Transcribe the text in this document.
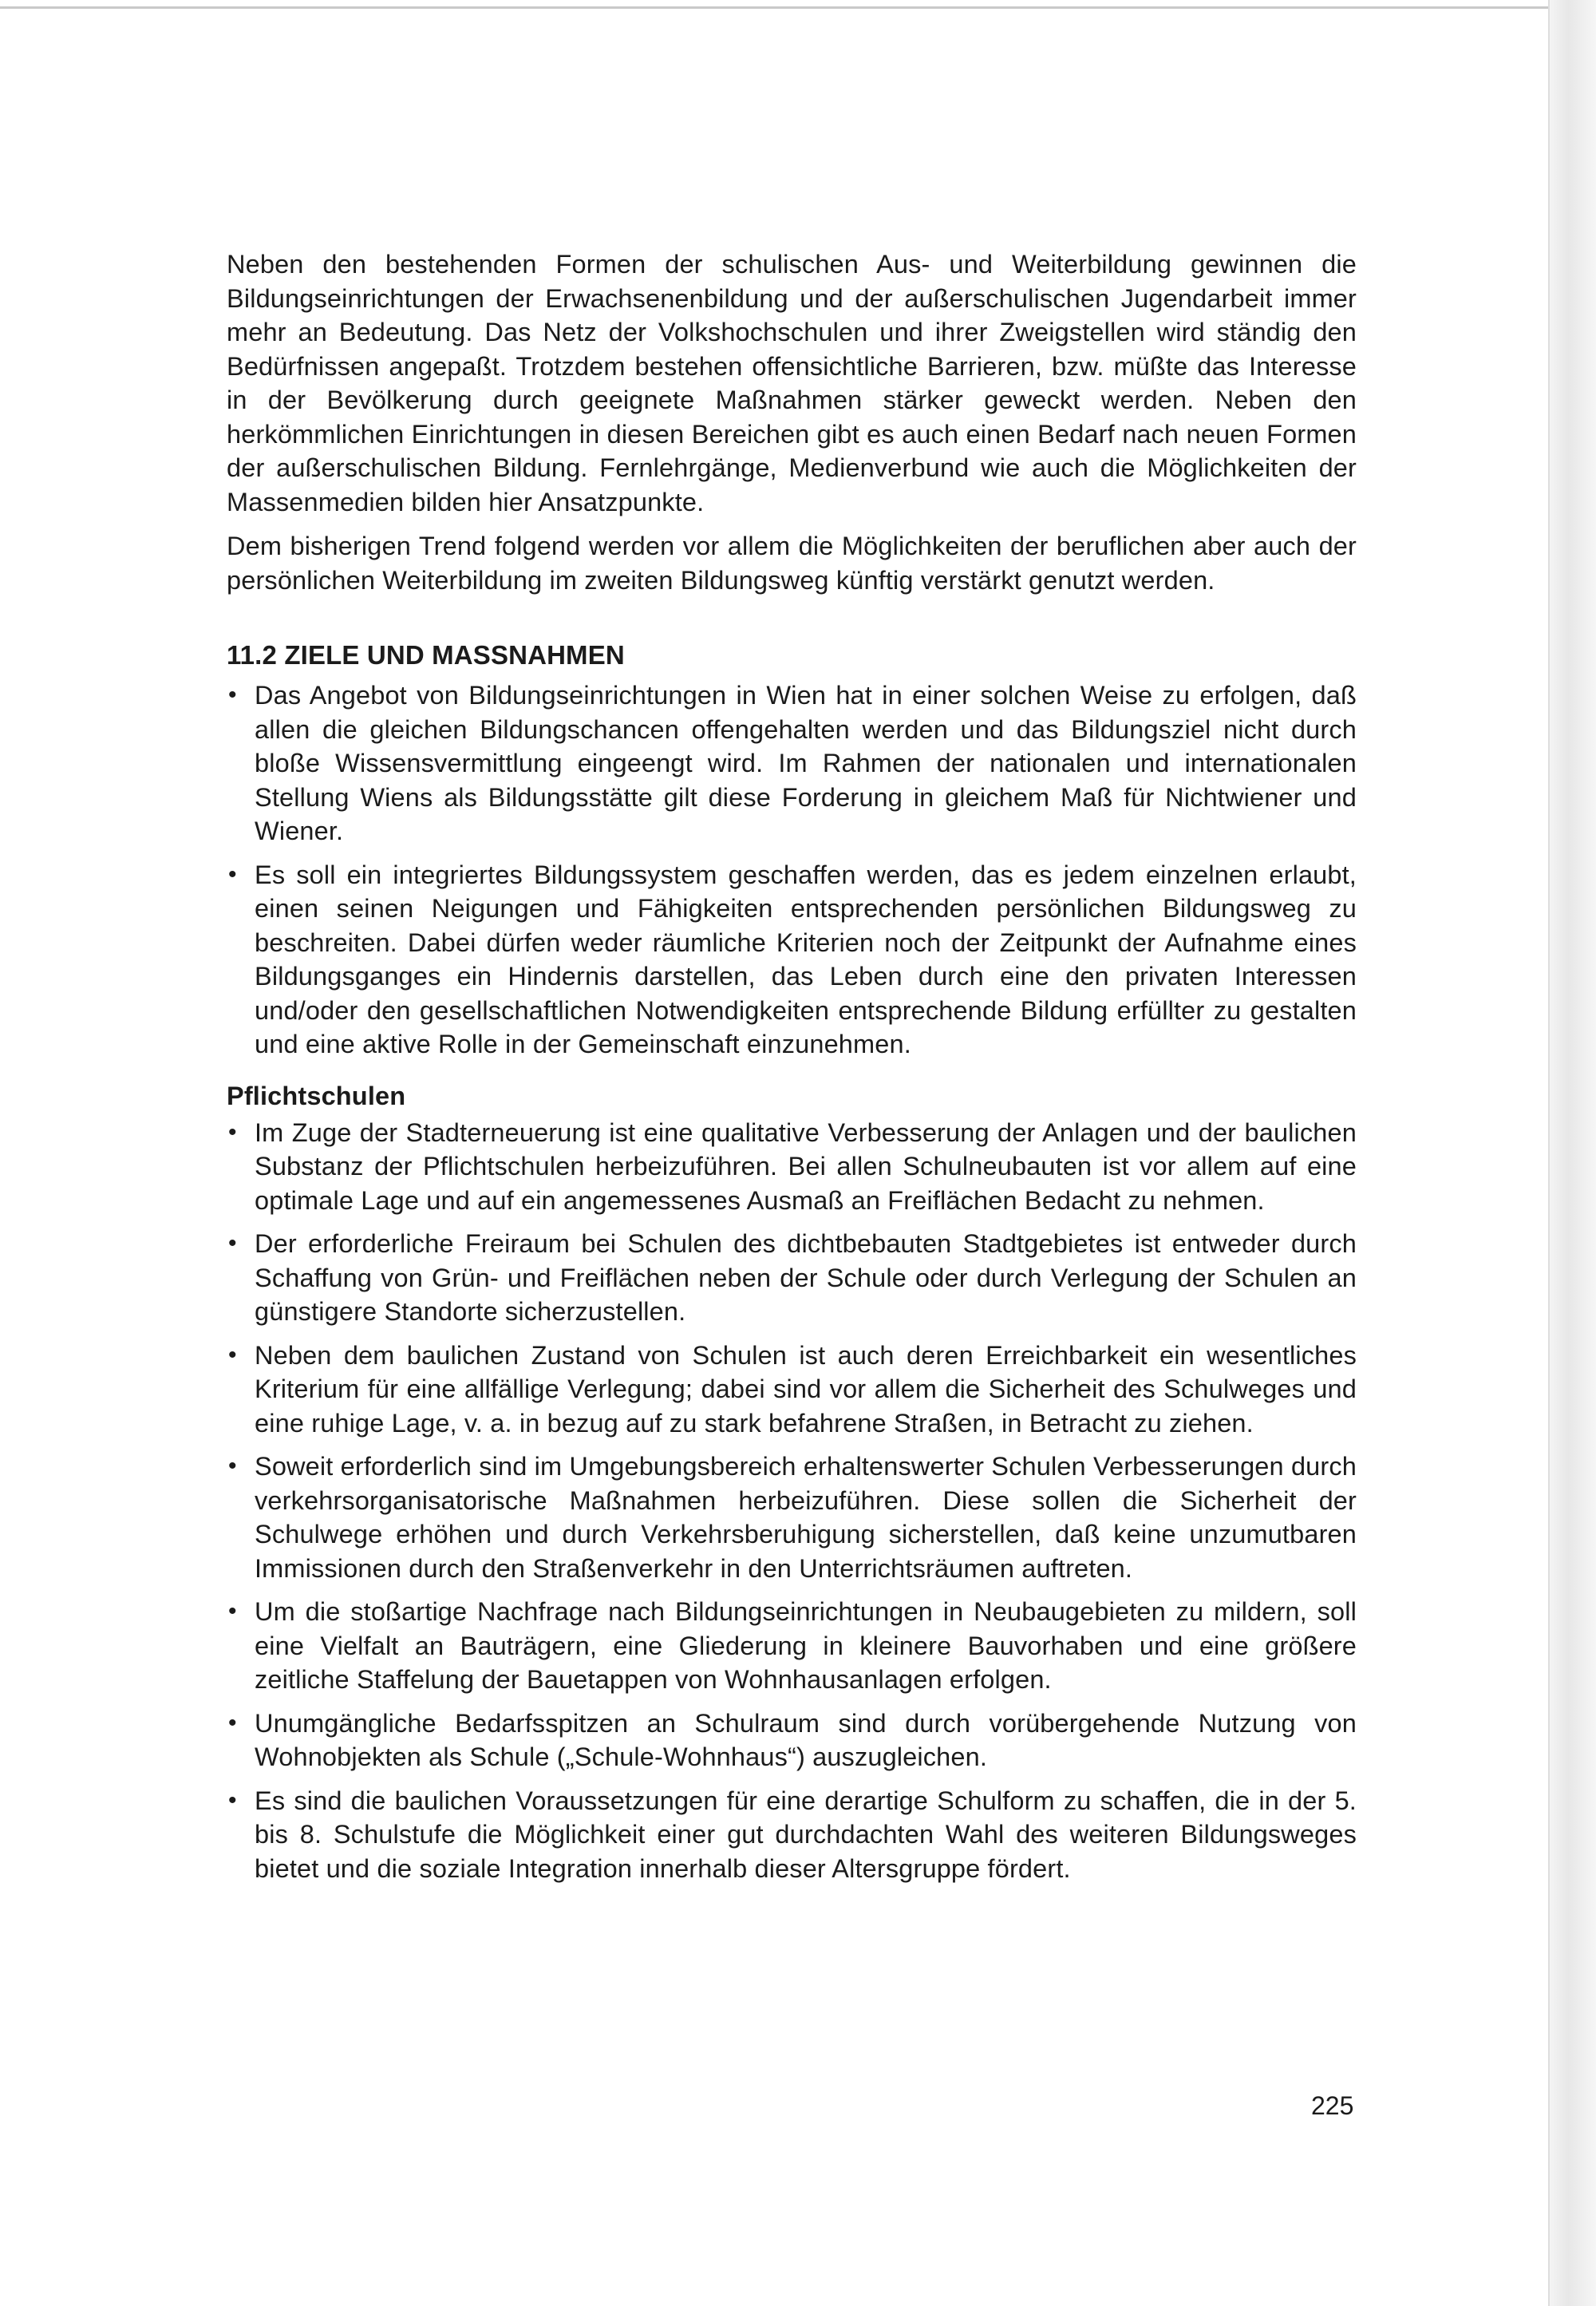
Neben den bestehenden Formen der schulischen Aus- und Weiterbildung gewinnen die Bildungseinrichtungen der Erwachsenenbildung und der außerschulischen Jugendarbeit immer mehr an Bedeutung. Das Netz der Volkshochschulen und ihrer Zweigstellen wird ständig den Bedürfnissen angepaßt. Trotzdem bestehen offensichtliche Barrieren, bzw. müßte das Interesse in der Bevölkerung durch geeignete Maßnahmen stärker geweckt werden. Neben den herkömmlichen Einrichtungen in diesen Bereichen gibt es auch einen Bedarf nach neuen Formen der außerschulischen Bildung. Fernlehrgänge, Medienverbund wie auch die Möglichkeiten der Massenmedien bilden hier Ansatzpunkte.

Dem bisherigen Trend folgend werden vor allem die Möglichkeiten der beruflichen aber auch der persönlichen Weiterbildung im zweiten Bildungsweg künftig verstärkt genutzt werden.

11.2 ZIELE UND MASSNAHMEN
• Das Angebot von Bildungseinrichtungen in Wien hat in einer solchen Weise zu erfolgen, daß allen die gleichen Bildungschancen offengehalten werden und das Bildungsziel nicht durch bloße Wissensvermittlung eingeengt wird. Im Rahmen der nationalen und internationalen Stellung Wiens als Bildungsstätte gilt diese Forderung in gleichem Maß für Nichtwiener und Wiener.
• Es soll ein integriertes Bildungssystem geschaffen werden, das es jedem einzelnen erlaubt, einen seinen Neigungen und Fähigkeiten entsprechenden persönlichen Bildungsweg zu beschreiten. Dabei dürfen weder räumliche Kriterien noch der Zeitpunkt der Aufnahme eines Bildungsganges ein Hindernis darstellen, das Leben durch eine den privaten Interessen und/oder den gesellschaftlichen Notwendigkeiten entsprechende Bildung erfüllter zu gestalten und eine aktive Rolle in der Gemeinschaft einzunehmen.
Pflichtschulen
• Im Zuge der Stadterneuerung ist eine qualitative Verbesserung der Anlagen und der baulichen Substanz der Pflichtschulen herbeizuführen. Bei allen Schulneubauten ist vor allem auf eine optimale Lage und auf ein angemessenes Ausmaß an Freiflächen Bedacht zu nehmen.
• Der erforderliche Freiraum bei Schulen des dichtbebauten Stadtgebietes ist entweder durch Schaffung von Grün- und Freiflächen neben der Schule oder durch Verlegung der Schulen an günstigere Standorte sicherzustellen.
• Neben dem baulichen Zustand von Schulen ist auch deren Erreichbarkeit ein wesentliches Kriterium für eine allfällige Verlegung; dabei sind vor allem die Sicherheit des Schulweges und eine ruhige Lage, v. a. in bezug auf zu stark befahrene Straßen, in Betracht zu ziehen.
• Soweit erforderlich sind im Umgebungsbereich erhaltenswerter Schulen Verbesserungen durch verkehrsorganisatorische Maßnahmen herbeizuführen. Diese sollen die Sicherheit der Schulwege erhöhen und durch Verkehrsberuhigung sicherstellen, daß keine unzumutbaren Immissionen durch den Straßenverkehr in den Unterrichtsräumen auftreten.
• Um die stoßartige Nachfrage nach Bildungseinrichtungen in Neubaugebieten zu mildern, soll eine Vielfalt an Bauträgern, eine Gliederung in kleinere Bauvorhaben und eine größere zeitliche Staffelung der Bauetappen von Wohnhausanlagen erfolgen.
• Unumgängliche Bedarfsspitzen an Schulraum sind durch vorübergehende Nutzung von Wohnobjekten als Schule („Schule-Wohnhaus“) auszugleichen.
• Es sind die baulichen Voraussetzungen für eine derartige Schulform zu schaffen, die in der 5. bis 8. Schulstufe die Möglichkeit einer gut durchdachten Wahl des weiteren Bildungsweges bietet und die soziale Integration innerhalb dieser Altersgruppe fördert.
225
